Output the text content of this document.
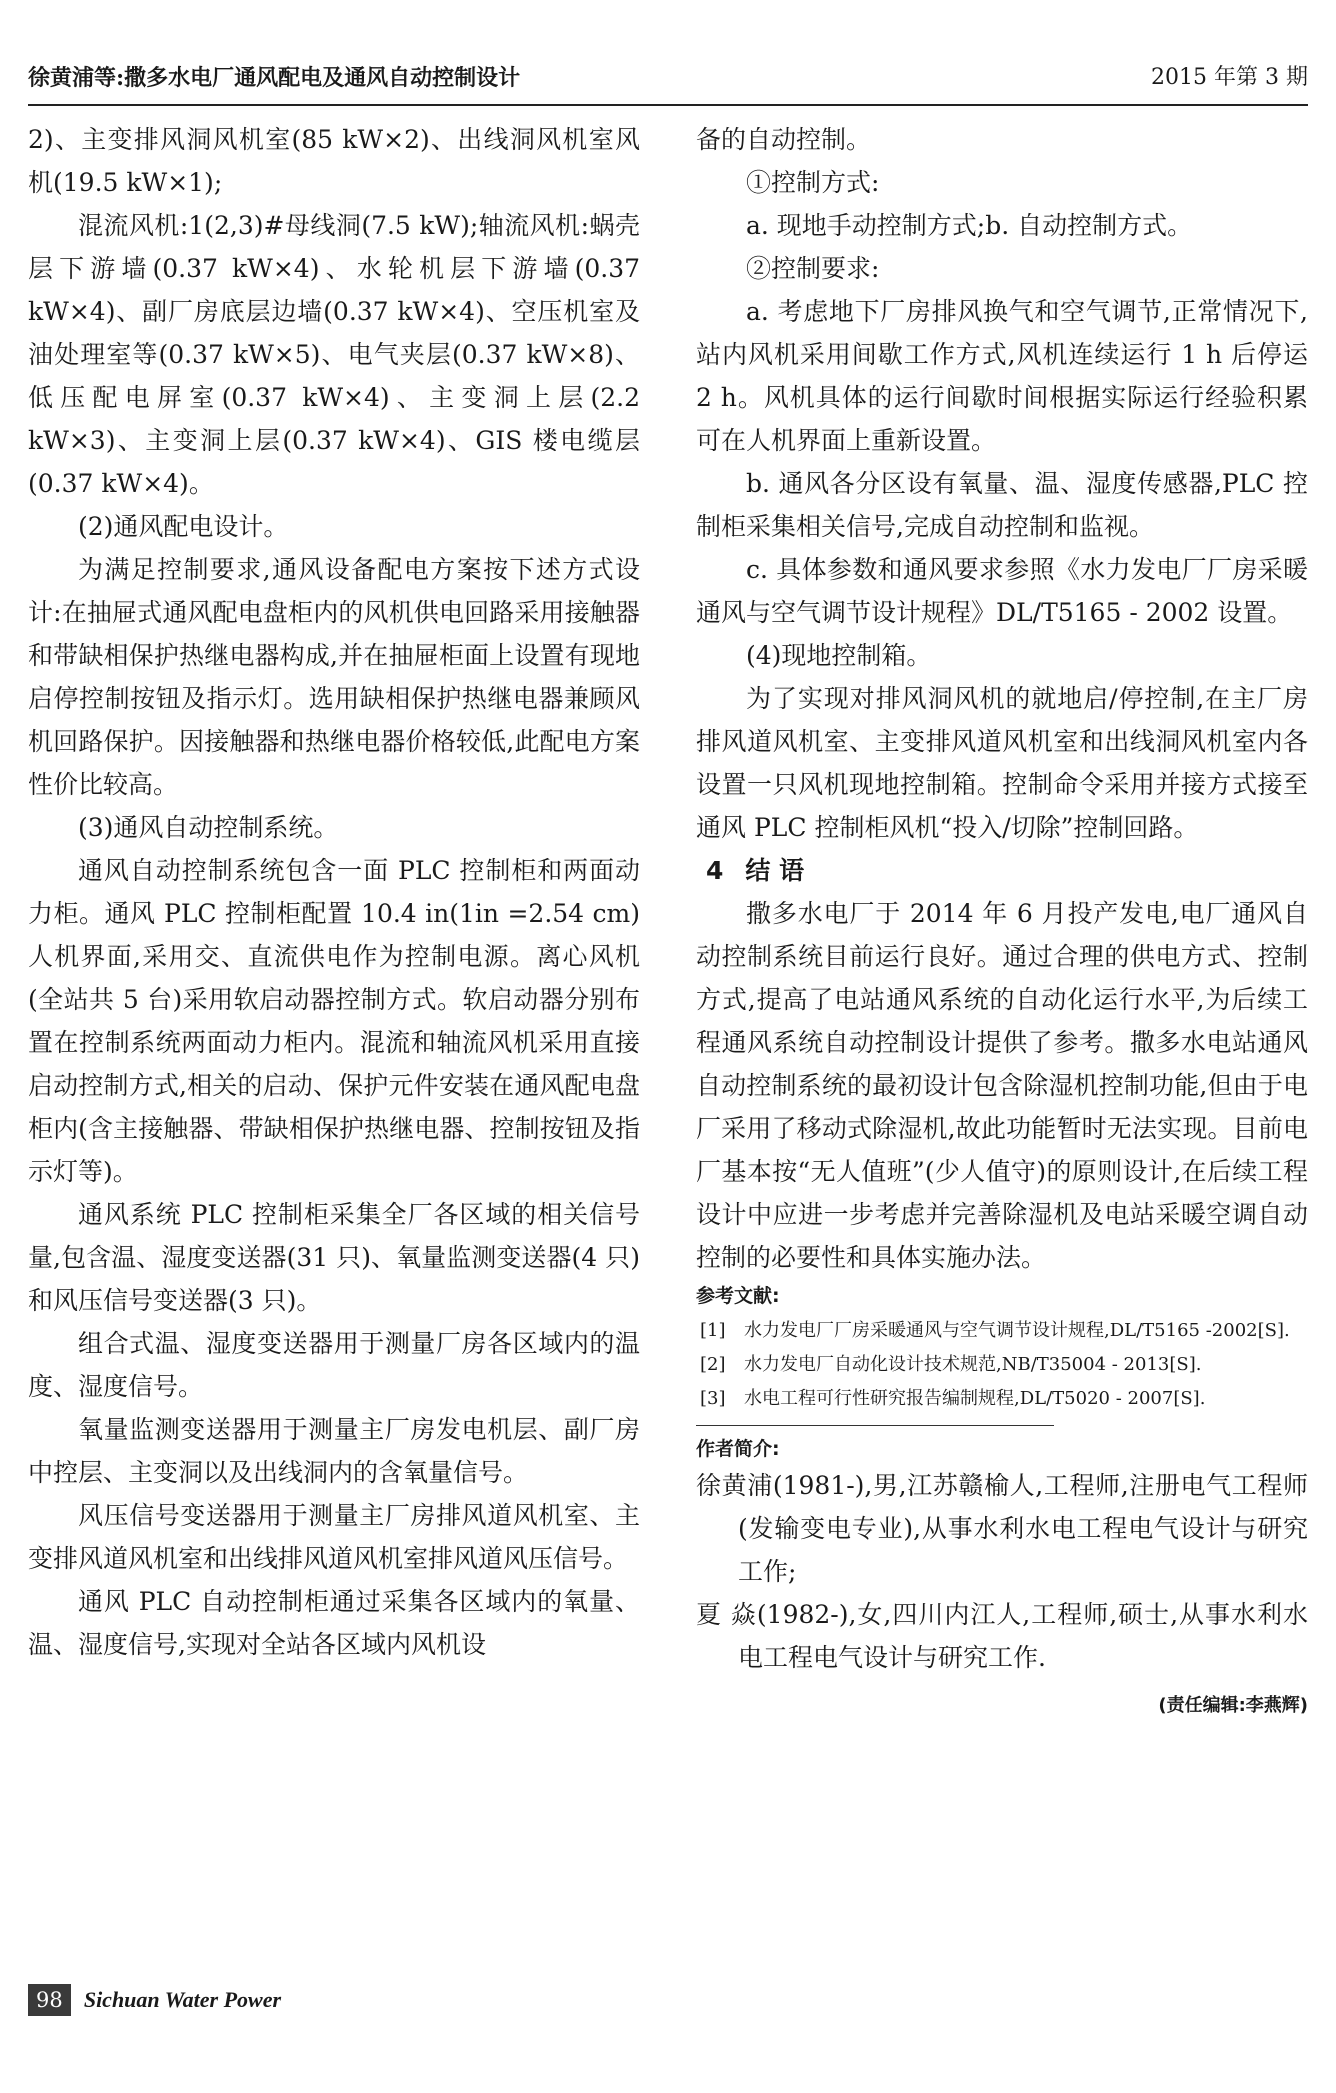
徐黄浦等:撒多水电厂通风配电及通风自动控制设计	2015 年第 3 期

2)、主变排风洞风机室(85 kW×2)、出线洞风机室风机(19.5 kW×1);

混流风机:1(2,3)#母线洞(7.5 kW);轴流风机:蜗壳层下游墙(0.37 kW×4)、水轮机层下游墙(0.37 kW×4)、副厂房底层边墙(0.37 kW×4)、空压机室及油处理室等(0.37 kW×5)、电气夹层(0.37 kW×8)、低压配电屏室(0.37 kW×4)、主变洞上层(2.2 kW×3)、主变洞上层(0.37 kW×4)、GIS 楼电缆层(0.37 kW×4)。

(2)通风配电设计。

为满足控制要求,通风设备配电方案按下述方式设计:在抽屉式通风配电盘柜内的风机供电回路采用接触器和带缺相保护热继电器构成,并在抽屉柜面上设置有现地启停控制按钮及指示灯。选用缺相保护热继电器兼顾风机回路保护。因接触器和热继电器价格较低,此配电方案性价比较高。

(3)通风自动控制系统。

通风自动控制系统包含一面 PLC 控制柜和两面动力柜。通风 PLC 控制柜配置 10.4 in(1in =2.54 cm)人机界面,采用交、直流供电作为控制电源。离心风机(全站共 5 台)采用软启动器控制方式。软启动器分别布置在控制系统两面动力柜内。混流和轴流风机采用直接启动控制方式,相关的启动、保护元件安装在通风配电盘柜内(含主接触器、带缺相保护热继电器、控制按钮及指示灯等)。

通风系统 PLC 控制柜采集全厂各区域的相关信号量,包含温、湿度变送器(31 只)、氧量监测变送器(4 只)和风压信号变送器(3 只)。

组合式温、湿度变送器用于测量厂房各区域内的温度、湿度信号。

氧量监测变送器用于测量主厂房发电机层、副厂房中控层、主变洞以及出线洞内的含氧量信号。

风压信号变送器用于测量主厂房排风道风机室、主变排风道风机室和出线排风道风机室排风道风压信号。

通风 PLC 自动控制柜通过采集各区域内的氧量、温、湿度信号,实现对全站各区域内风机设

备的自动控制。

①控制方式:

a. 现地手动控制方式;b. 自动控制方式。

②控制要求:

a. 考虑地下厂房排风换气和空气调节,正常情况下,站内风机采用间歇工作方式,风机连续运行 1 h 后停运 2 h。风机具体的运行间歇时间根据实际运行经验积累可在人机界面上重新设置。

b. 通风各分区设有氧量、温、湿度传感器,PLC 控制柜采集相关信号,完成自动控制和监视。

c. 具体参数和通风要求参照《水力发电厂厂房采暖通风与空气调节设计规程》DL/T5165 - 2002 设置。

(4)现地控制箱。

为了实现对排风洞风机的就地启/停控制,在主厂房排风道风机室、主变排风道风机室和出线洞风机室内各设置一只风机现地控制箱。控制命令采用并接方式接至通风 PLC 控制柜风机“投入/切除”控制回路。

4 结 语

撒多水电厂于 2014 年 6 月投产发电,电厂通风自动控制系统目前运行良好。通过合理的供电方式、控制方式,提高了电站通风系统的自动化运行水平,为后续工程通风系统自动控制设计提供了参考。撒多水电站通风自动控制系统的最初设计包含除湿机控制功能,但由于电厂采用了移动式除湿机,故此功能暂时无法实现。目前电厂基本按“无人值班”(少人值守)的原则设计,在后续工程设计中应进一步考虑并完善除湿机及电站采暖空调自动控制的必要性和具体实施办法。

参考文献:
[1] 水力发电厂厂房采暖通风与空气调节设计规程,DL/T5165 -2002[S].
[2] 水力发电厂自动化设计技术规范,NB/T35004 - 2013[S].
[3] 水电工程可行性研究报告编制规程,DL/T5020 - 2007[S].
作者简介:

徐黄浦(1981-),男,江苏赣榆人,工程师,注册电气工程师(发输变电专业),从事水利水电工程电气设计与研究工作;

夏 焱(1982-),女,四川内江人,工程师,硕士,从事水利水电工程电气设计与研究工作.

(责任编辑:李燕辉)
98 Sichuan Water Power
